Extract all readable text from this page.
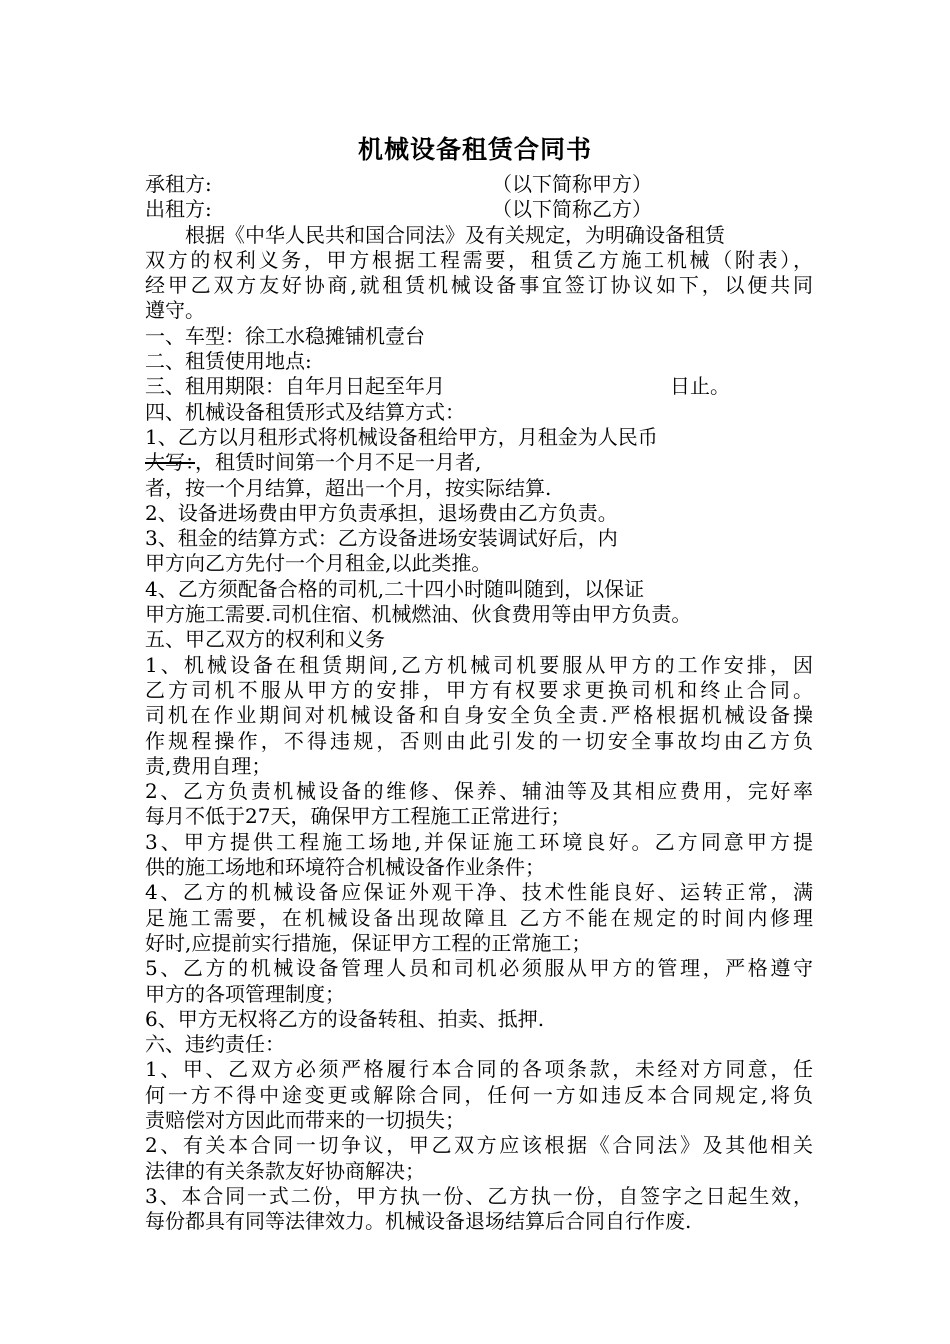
机械设备租赁合同书
承租方:	（以下简称甲方）
出租方:	（以下简称乙方）
根据《中华人民共和国合同法》及有关规定，为明确设备租赁
双方的权利义务，甲方根据工程需要，租赁乙方施工机械（附表），
经甲乙双方友好协商,就租赁机械设备事宜签订协议如下，以便共同
遵守。
一、车型：徐工水稳摊铺机壹台
二、租赁使用地点:
三、租用期限：自年月日起至年月	日止。
四、机械设备租赁形式及结算方式：
1、乙方以月租形式将机械设备租给甲方，月租金为人民币
大写：，租赁时间第一个月不足一月者,
者，按一个月结算，超出一个月，按实际结算.
2、设备进场费由甲方负责承担，退场费由乙方负责。
3、租金的结算方式：乙方设备进场安装调试好后，内
甲方向乙方先付一个月租金,以此类推。
4、乙方须配备合格的司机,二十四小时随叫随到，以保证
甲方施工需要.司机住宿、机械燃油、伙食费用等由甲方负责。
五、甲乙双方的权利和义务
1、机械设备在租赁期间,乙方机械司机要服从甲方的工作安排，因
乙方司机不服从甲方的安排，甲方有权要求更换司机和终止合同。
司机在作业期间对机械设备和自身安全负全责.严格根据机械设备操
作规程操作，不得违规，否则由此引发的一切安全事故均由乙方负
责,费用自理；
2、乙方负责机械设备的维修、保养、辅油等及其相应费用，完好率
每月不低于27天，确保甲方工程施工正常进行；
3、甲方提供工程施工场地,并保证施工环境良好。乙方同意甲方提
供的施工场地和环境符合机械设备作业条件；
4、乙方的机械设备应保证外观干净、技术性能良好、运转正常，满
足施工需要，在机械设备出现故障且 乙方不能在规定的时间内修理
好时,应提前实行措施，保证甲方工程的正常施工；
5、乙方的机械设备管理人员和司机必须服从甲方的管理，严格遵守
甲方的各项管理制度；
6、甲方无权将乙方的设备转租、拍卖、抵押.
六、违约责任：
1、甲、乙双方必须严格履行本合同的各项条款，未经对方同意，任
何一方不得中途变更或解除合同，任何一方如违反本合同规定,将负
责赔偿对方因此而带来的一切损失；
2、有关本合同一切争议，甲乙双方应该根据《合同法》及其他相关
法律的有关条款友好协商解决；
3、本合同一式二份，甲方执一份、乙方执一份，自签字之日起生效，
每份都具有同等法律效力。机械设备退场结算后合同自行作废.
